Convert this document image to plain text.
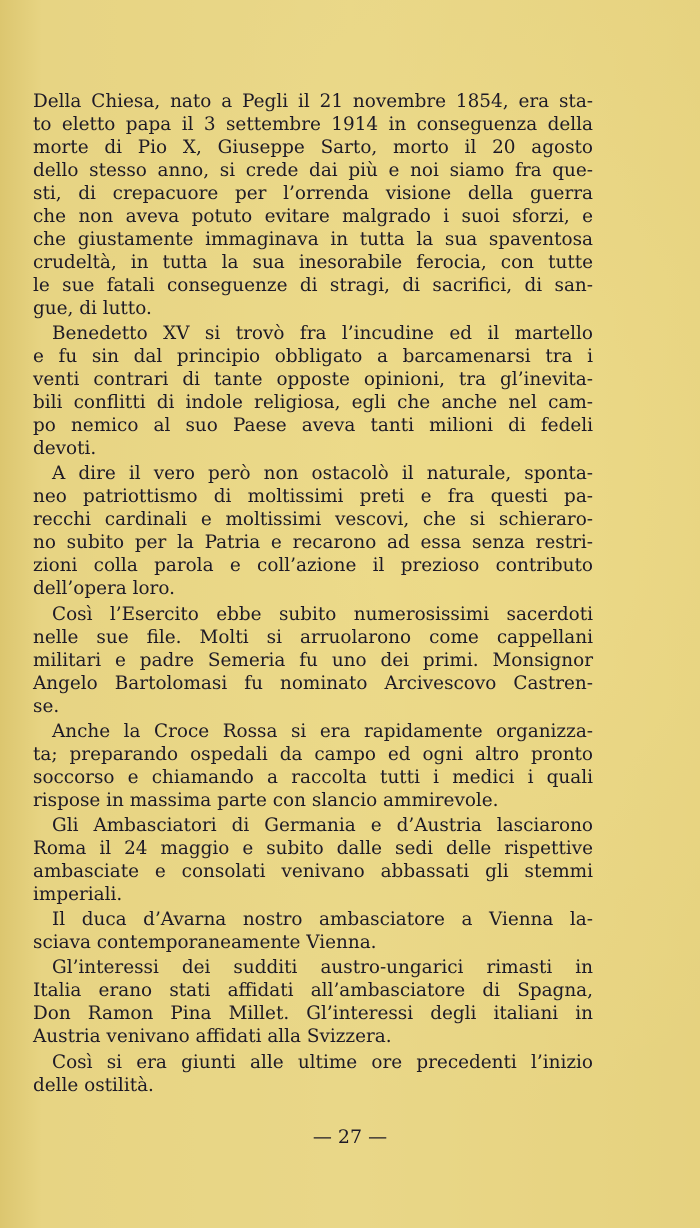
Della Chiesa, nato a Pegli il 21 novembre 1854, era sta-
to eletto papa il 3 settembre 1914 in conseguenza della
morte di Pio X, Giuseppe Sarto, morto il 20 agosto
dello stesso anno, si crede dai più e noi siamo fra que-
sti, di crepacuore per l’orrenda visione della guerra
che non aveva potuto evitare malgrado i suoi sforzi, e
che giustamente immaginava in tutta la sua spaventosa
crudeltà, in tutta la sua inesorabile ferocia, con tutte
le sue fatali conseguenze di stragi, di sacrifici, di san-
gue, di lutto.
Benedetto XV si trovò fra l’incudine ed il martello
e fu sin dal principio obbligato a barcamenarsi tra i
venti contrari di tante opposte opinioni, tra gl’inevita-
bili conflitti di indole religiosa, egli che anche nel cam-
po nemico al suo Paese aveva tanti milioni di fedeli
devoti.
A dire il vero però non ostacolò il naturale, sponta-
neo patriottismo di moltissimi preti e fra questi pa-
recchi cardinali e moltissimi vescovi, che si schieraro-
no subito per la Patria e recarono ad essa senza restri-
zioni colla parola e coll’azione il prezioso contributo
dell’opera loro.
Così l’Esercito ebbe subito numerosissimi sacerdoti
nelle sue file. Molti si arruolarono come cappellani
militari e padre Semeria fu uno dei primi. Monsignor
Angelo Bartolomasi fu nominato Arcivescovo Castren-
se.
Anche la Croce Rossa si era rapidamente organizza-
ta; preparando ospedali da campo ed ogni altro pronto
soccorso e chiamando a raccolta tutti i medici i quali
rispose in massima parte con slancio ammirevole.
Gli Ambasciatori di Germania e d’Austria lasciarono
Roma il 24 maggio e subito dalle sedi delle rispettive
ambasciate e consolati venivano abbassati gli stemmi
imperiali.
Il duca d’Avarna nostro ambasciatore a Vienna la-
sciava contemporaneamente Vienna.
Gl’interessi dei sudditi austro-ungarici rimasti in
Italia erano stati affidati all’ambasciatore di Spagna,
Don Ramon Pina Millet. Gl’interessi degli italiani in
Austria venivano affidati alla Svizzera.
Così si era giunti alle ultime ore precedenti l’inizio
delle ostilità.
— 27 —
